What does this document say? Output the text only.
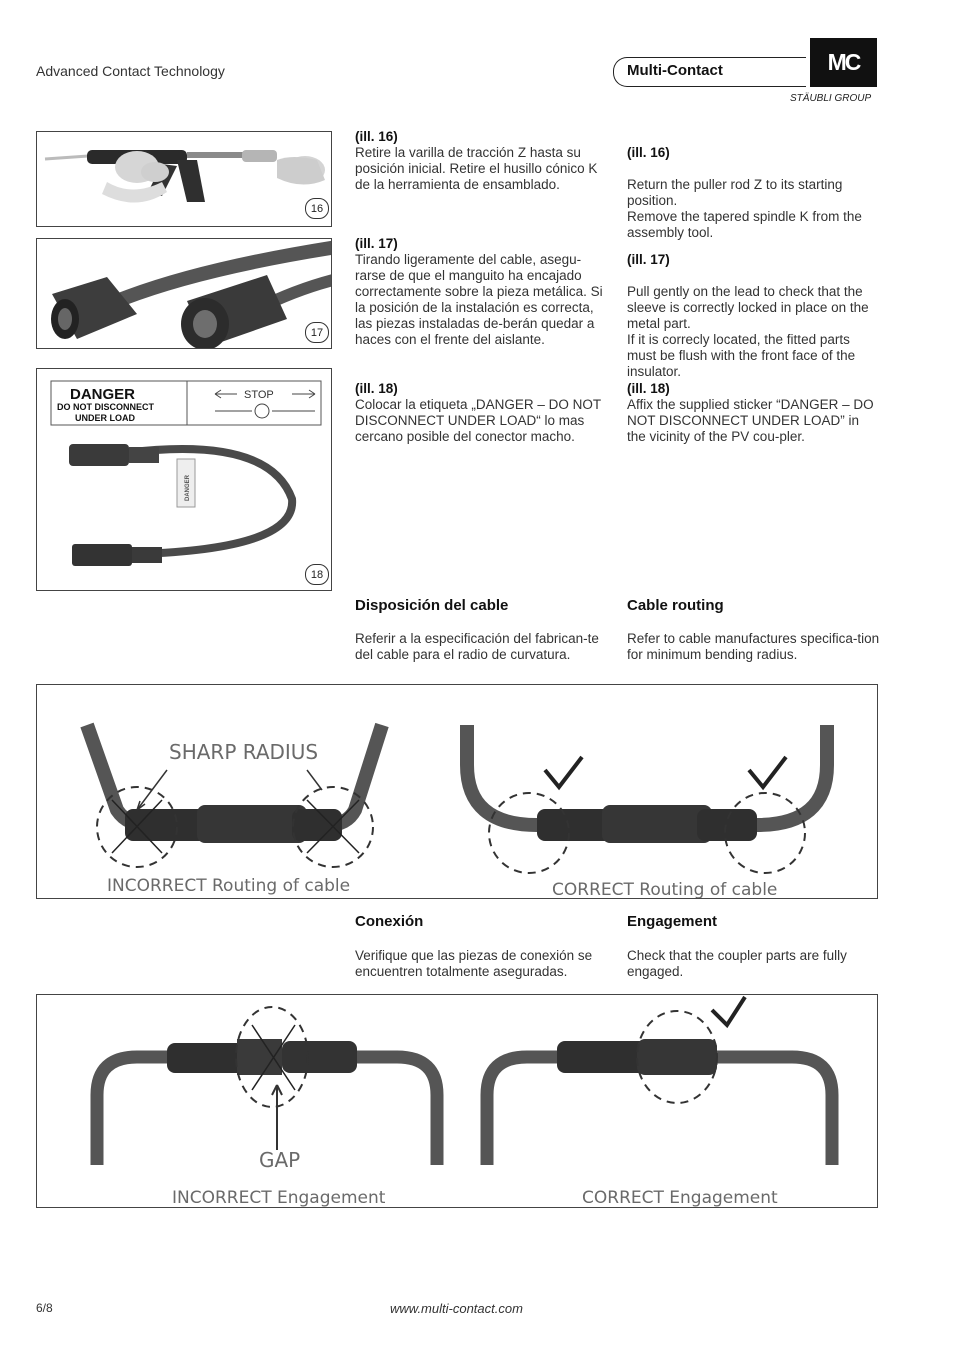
Advanced Contact Technology	Multi-Contact	MC
STÄUBLI GROUP
16
17
DANGER
DO NOT DISCONNECT
UNDER LOAD
STOP
DANGER
18
(ill. 16)
Retire la varilla de tracción Z hasta su posición inicial. Retire el husillo cónico K de la herramienta de ensamblado.

(ill. 16)

Return the puller rod Z to its starting position.
Remove the tapered spindle K from the assembly tool.

(ill. 17)
Tirando ligeramente del cable, asegu-rarse de que el manguito ha encajado correctamente sobre la pieza metálica. Si la posición de la instalación es correcta, las piezas instaladas de-berán quedar a haces con el frente del aislante.

(ill. 17)

Pull gently on the lead to check that the sleeve is correctly locked in place on the metal part.
If it is correcly located, the fitted parts must be flush with the front face of the insulator.

(ill. 18)
Colocar la etiqueta „DANGER – DO NOT DISCONNECT UNDER LOAD“ lo mas cercano posible del conector macho.
(ill. 18)
Affix the supplied sticker “DANGER – DO NOT DISCONNECT UNDER LOAD” in the vicinity of the PV cou-pler.
Disposición del cable	Cable routing
Referir a la especificación del fabrican-te del cable para el radio de curvatura.
Refer to cable manufactures specifica-tion for minimum bending radius.
SHARP RADIUS
INCORRECT Routing of cable	CORRECT Routing of cable
Conexión	Engagement
Verifique que las piezas de conexión se encuentren totalmente aseguradas.
Check that the coupler parts are fully engaged.
GAP
INCORRECT Engagement	CORRECT Engagement
6/8	www.multi-contact.com
